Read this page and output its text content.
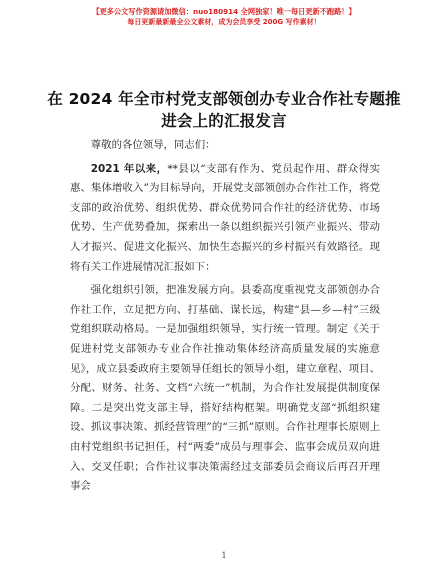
【更多公文写作资源请加微信：nuo180914 全网独家！唯一每日更新不跑路！】
每日更新最新最全公文素材，成为会员享受 200G 写作素材！
在 2024 年全市村党支部领创办专业合作社专题推进会上的汇报发言

尊敬的各位领导，同志们：

2021 年以来，**县以“支部有作为、党员起作用、群众得实惠、集体增收入”为目标导向，开展党支部领创办合作社工作，将党支部的政治优势、组织优势、群众优势同合作社的经济优势、市场优势、生产优势叠加，探索出一条以组织振兴引领产业振兴、带动人才振兴、促进文化振兴、加快生态振兴的乡村振兴有效路径。现将有关工作进展情况汇报如下：

强化组织引领，把准发展方向。县委高度重视党支部领创办合作社工作，立足把方向、打基础、谋长远，构建“县—乡—村”三级党组织联动格局。一是加强组织领导，实行统一管理。制定《关于促进村党支部领办专业合作社推动集体经济高质量发展的实施意见》，成立县委政府主要领导任组长的领导小组，建立章程、项目、分配、财务、社务、文档“六统一”机制，为合作社发展提供制度保障。二是突出党支部主导，搭好结构框架。明确党支部“抓组织建设、抓议事决策、抓经营管理”的“三抓”原则。合作社理事长原则上由村党组织书记担任，村“两委”成员与理事会、监事会成员双向进入、交叉任职；合作社议事决策需经过支部委员会商议后再召开理事会

1
